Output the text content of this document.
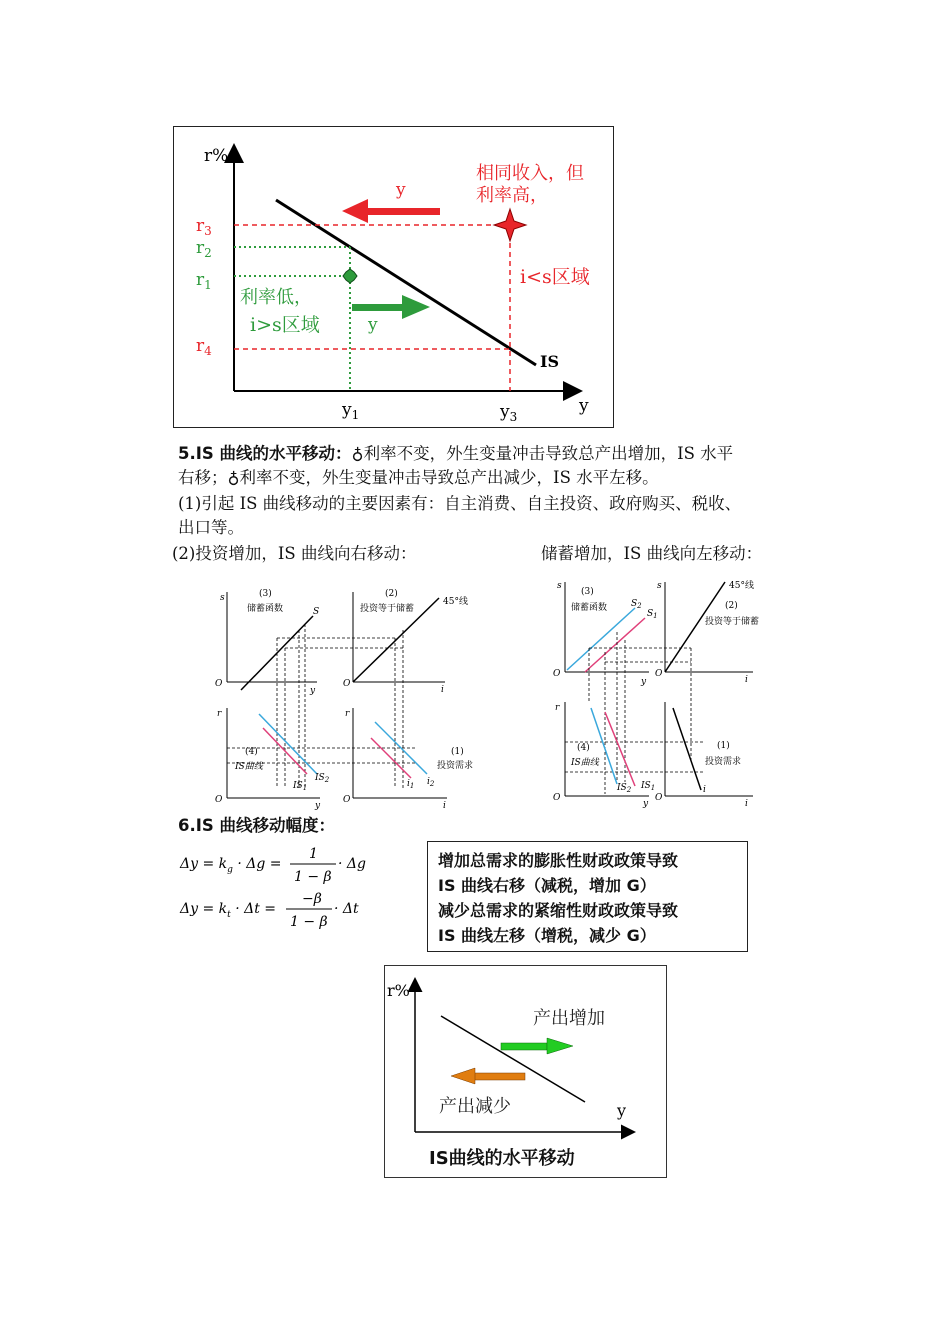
r%
y
IS
$r_3$
$r_2$
$r_1$
$r_4$
$y_1$	$y_3$
y
y
相同收入，但
利率高，
i<s区域
利率低，
i>s区域
5.IS 曲线的水平移动：♁利率不变，外生变量冲击导致总产出增加，IS 水平
右移；♁利率不变，外生变量冲击导致总产出减少，IS 水平左移。
(1)引起 IS 曲线移动的主要因素有：自主消费、自主投资、政府购买、税收、
出口等。
(2)投资增加，IS 曲线向右移动：	储蓄增加，IS 曲线向左移动：
s
O
y
(3)
储蓄函数	S
O
i
(2)
投资等于储蓄
45°线
r
O
y
(4)
IS曲线
$IS_1$
$IS_2$
r
O
i
(1)
投资需求
$i_1$ $i_2$
s
O
y
(3)
储蓄函数	$S_2$
$S_1$
s
O
i
45°线
(2)
投资等于储蓄
r
O
y
(4)
IS曲线
$IS_2$ $IS_1$
O
i
i
(1)
投资需求
6.IS 曲线移动幅度：
$\Delta y = k_g \cdot \Delta g$ =
1
1 − β
· Δg
$\Delta y = k_t \cdot \Delta t$ =
−β
1 − β
· Δt
增加总需求的膨胀性财政政策导致
IS 曲线右移（减税，增加 G）
减少总需求的紧缩性财政政策导致
IS 曲线左移（增税，减少 G）
r%
y
产出增加
产出减少
IS曲线的水平移动
